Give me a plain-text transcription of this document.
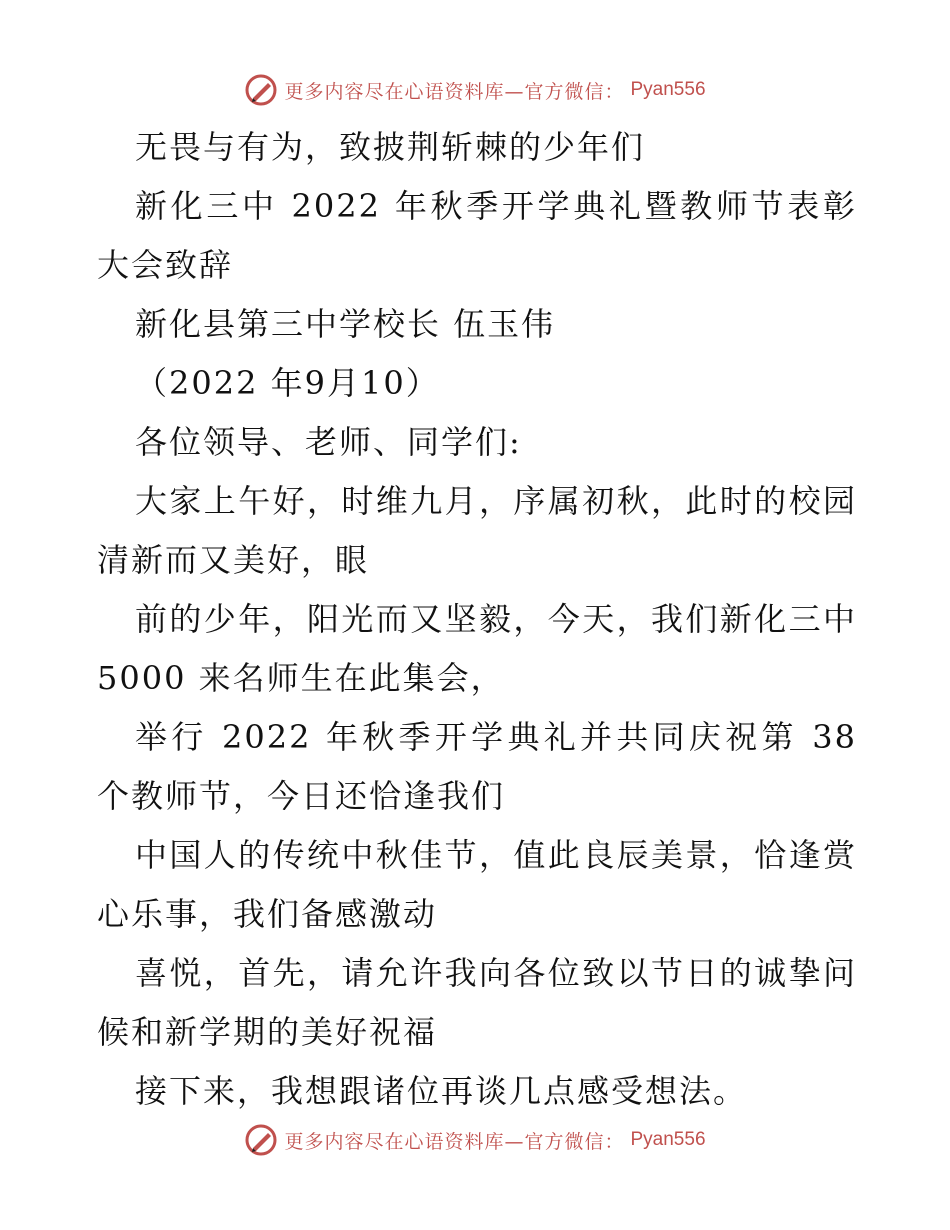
更多内容尽在心语资料库—官方微信： Pyan556

无畏与有为，致披荆斩棘的少年们

新化三中 2022 年秋季开学典礼暨教师节表彰大会致辞

新化县第三中学校长 伍玉伟

（2022 年9月10）

各位领导、老师、同学们:

大家上午好，时维九月，序属初秋，此时的校园清新而又美好，眼

前的少年，阳光而又坚毅，今天，我们新化三中 5000 来名师生在此集会，

举行 2022 年秋季开学典礼并共同庆祝第 38 个教师节，今日还恰逢我们

中国人的传统中秋佳节，值此良辰美景，恰逢赏心乐事，我们备感激动

喜悦，首先，请允许我向各位致以节日的诚挚问候和新学期的美好祝福

接下来，我想跟诸位再谈几点感受想法。

更多内容尽在心语资料库—官方微信： Pyan556
